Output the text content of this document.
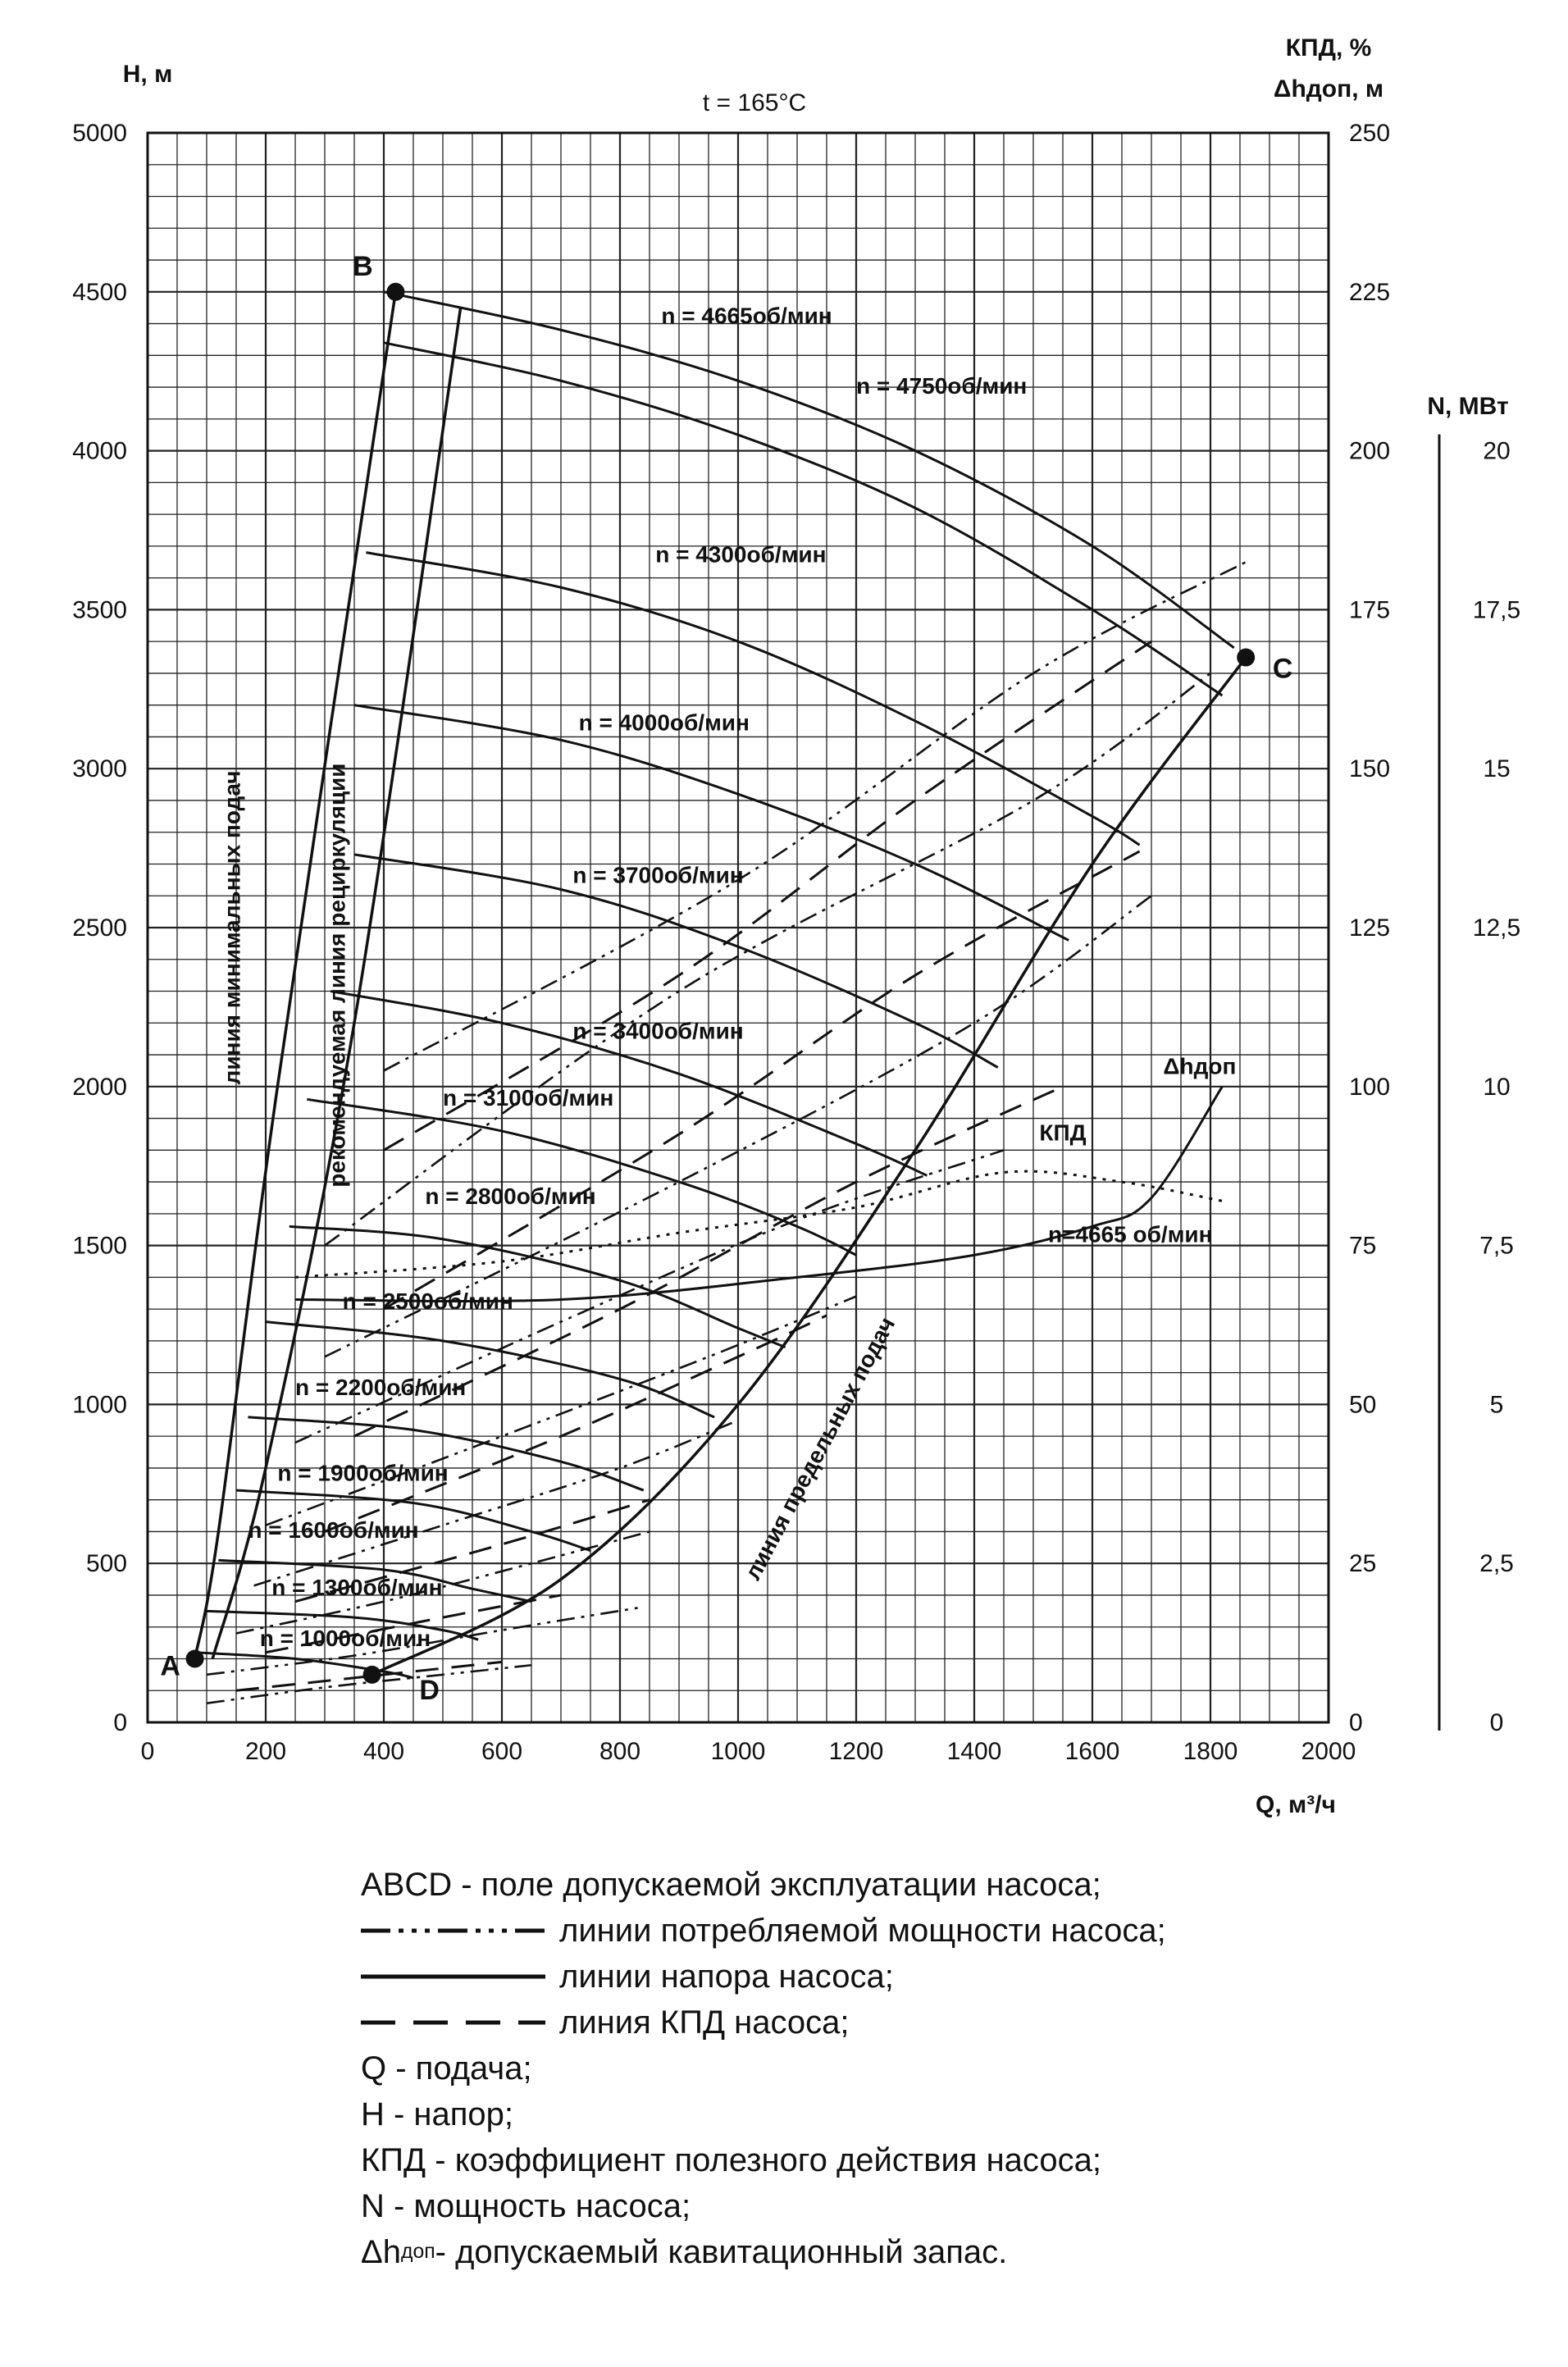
0	200	400	600	800	1000	1200	1400	1600	1800	2000
0
500
1000
1500
2000
2500
3000
3500
4000
4500
5000
0
25
50
75
100
125
150
175
200
225
250
0
2,5
5
7,5
10
12,5
15
17,5
20
H, м
t = 165°C
КПД, %
Δhдоп, м
N, МВт
Q, м³/ч
n = 4750об/мин
n = 4665об/мин
n = 4300об/мин
n = 4000об/мин
n = 3700об/мин
n = 3400об/мин
n = 3100об/мин
n = 2800об/мин
n = 2500об/мин
n = 2200об/мин
n = 1900об/мин
n = 1600об/мин
n = 1300об/мин
n = 1000об/мин
КПД
n=4665 об/мин
Δhдоп
линия минимальных подач	рекомендуемая линия рециркуляции
линия предельных подач
A
B
C
D
ABCD - поле допускаемой эксплуатации насоса;
линии потребляемой мощности насоса;
линии напора насоса;
линия КПД насоса;
Q - подача;
H - напор;
КПД - коэффициент полезного действия насоса;
N - мощность насоса;
Δh доп - допускаемый кавитационный запас.
